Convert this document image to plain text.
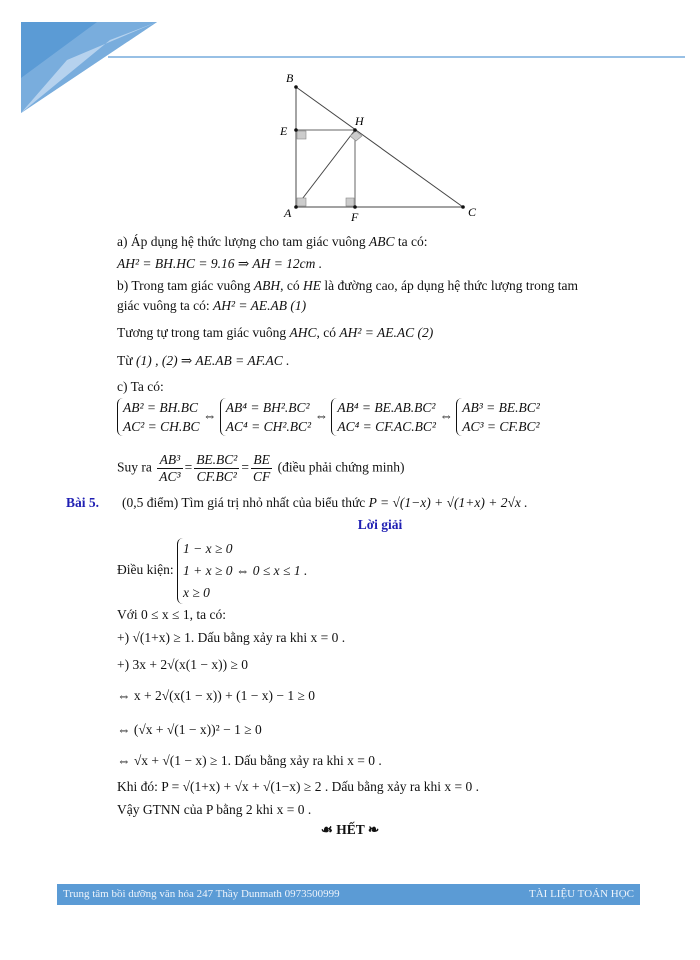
B
E
H
A	F	C
a) Áp dụng hệ thức lượng cho tam giác vuông ABC ta có:
AH² = BH.HC = 9.16 ⇒ AH = 12cm .
b) Trong tam giác vuông ABH, có HE là đường cao, áp dụng hệ thức lượng trong tam
giác vuông ta có: AH² = AE.AB (1)
Tương tự trong tam giác vuông AHC, có AH² = AE.AC (2)
Từ (1) , (2) ⇒ AE.AB = AF.AC .
c) Ta có:
AB² = BH.BC
AC² = CH.BC ⇔ AB⁴ = BH².BC²
AC⁴ = CH².BC² ⇔ AB⁴ = BE.AB.BC²
AC⁴ = CF.AC.BC² ⇔ AB³ = BE.BC²
AC³ = CF.BC²
Suy ra $\frac{\text{AB³}}{\text{AC³}} = \frac{\text{BE.BC²}}{\text{CF.BC²}} = \frac{BE}{CF}$ (điều phải chứng minh)
Bài 5. (0,5 điểm) Tìm giá trị nhỏ nhất của biểu thức P = √(1−x) + √(1+x) + 2√x .
Lời giải
Điều kiện: 1 − x ≥ 0
1 + x ≥ 0 ⇔ 0 ≤ x ≤ 1 .
x ≥ 0
Với 0 ≤ x ≤ 1, ta có:
+) √(1+x) ≥ 1. Dấu bằng xảy ra khi x = 0 .
+) 3x + 2√(x(1 − x)) ≥ 0
⇔ x + 2√(x(1 − x)) + (1 − x) − 1 ≥ 0
⇔ (√x + √(1 − x))² − 1 ≥ 0
⇔ √x + √(1 − x) ≥ 1. Dấu bằng xảy ra khi x = 0 .
Khi đó: P = √(1+x) + √x + √(1−x) ≥ 2 . Dấu bằng xảy ra khi x = 0 .
Vậy GTNN của P bằng 2 khi x = 0 .
☙ HẾT ❧
Trung tâm bồi dưỡng văn hóa 247 Thầy Dunmath 0973500999	TÀI LIỆU TOÁN HỌC
